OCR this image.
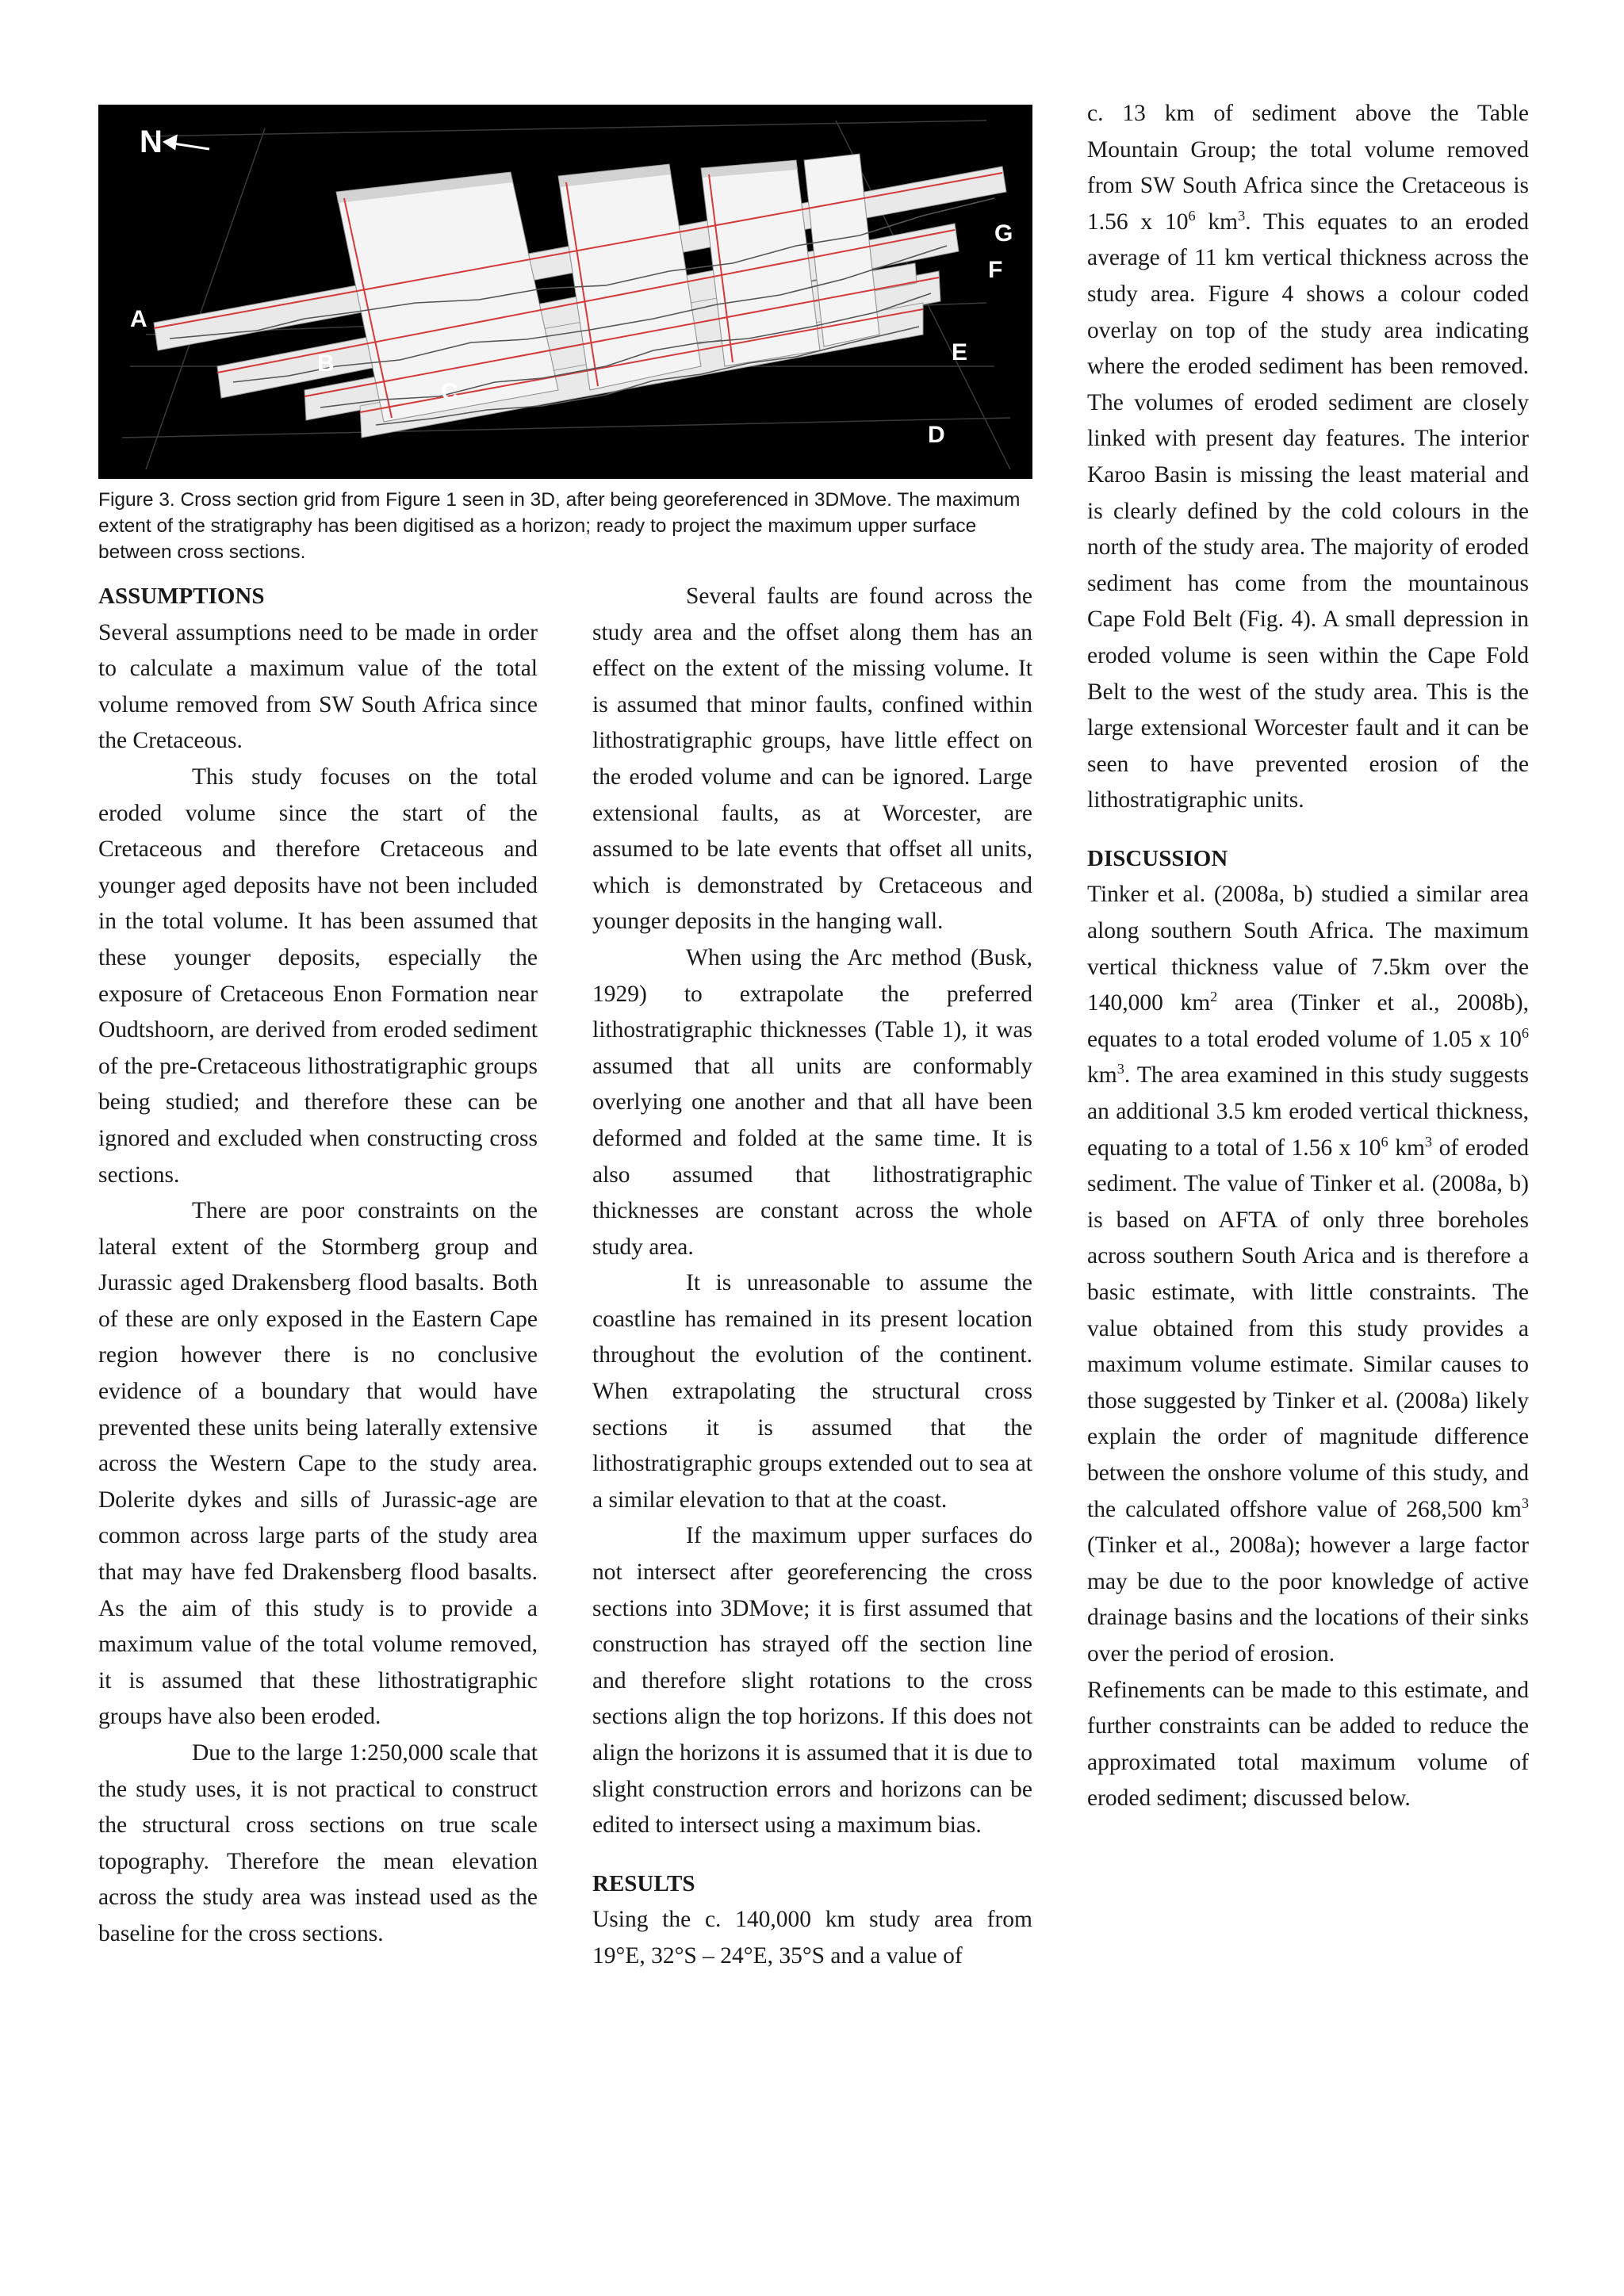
N
A
B
C
D
E
F
G

Figure 3. Cross section grid from Figure 1 seen in 3D, after being georeferenced in 3DMove. The maximum extent of the stratigraphy has been digitised as a horizon; ready to project the maximum upper surface between cross sections.

ASSUMPTIONS

Several assumptions need to be made in order to calculate a maximum value of the total volume removed from SW South Africa since the Cretaceous.

This study focuses on the total eroded volume since the start of the Cretaceous and therefore Cretaceous and younger aged deposits have not been included in the total volume. It has been assumed that these younger deposits, especially the exposure of Cretaceous Enon Formation near Oudtshoorn, are derived from eroded sediment of the pre-Cretaceous lithostratigraphic groups being studied; and therefore these can be ignored and excluded when constructing cross sections.

There are poor constraints on the lateral extent of the Stormberg group and Jurassic aged Drakensberg flood basalts. Both of these are only exposed in the Eastern Cape region however there is no conclusive evidence of a boundary that would have prevented these units being laterally extensive across the Western Cape to the study area. Dolerite dykes and sills of Jurassic-age are common across large parts of the study area that may have fed Drakensberg flood basalts. As the aim of this study is to provide a maximum value of the total volume removed, it is assumed that these lithostratigraphic groups have also been eroded.

Due to the large 1:250,000 scale that the study uses, it is not practical to construct the structural cross sections on true scale topography. Therefore the mean elevation across the study area was instead used as the baseline for the cross sections.

Several faults are found across the study area and the offset along them has an effect on the extent of the missing volume. It is assumed that minor faults, confined within lithostratigraphic groups, have little effect on the eroded volume and can be ignored. Large extensional faults, as at Worcester, are assumed to be late events that offset all units, which is demonstrated by Cretaceous and younger deposits in the hanging wall.

When using the Arc method (Busk, 1929) to extrapolate the preferred lithostratigraphic thicknesses (Table 1), it was assumed that all units are conformably overlying one another and that all have been deformed and folded at the same time. It is also assumed that lithostratigraphic thicknesses are constant across the whole study area.

It is unreasonable to assume the coastline has remained in its present location throughout the evolution of the continent. When extrapolating the structural cross sections it is assumed that the lithostratigraphic groups extended out to sea at a similar elevation to that at the coast.

If the maximum upper surfaces do not intersect after georeferencing the cross sections into 3DMove; it is first assumed that construction has strayed off the section line and therefore slight rotations to the cross sections align the top horizons. If this does not align the horizons it is assumed that it is due to slight construction errors and horizons can be edited to intersect using a maximum bias.

RESULTS

Using the c. 140,000 km study area from 19°E, 32°S – 24°E, 35°S and a value of

c. 13 km of sediment above the Table Mountain Group; the total volume removed from SW South Africa since the Cretaceous is 1.56 x $10^6$ $km^3$. This equates to an eroded average of 11 km vertical thickness across the study area. Figure 4 shows a colour coded overlay on top of the study area indicating where the eroded sediment has been removed. The volumes of eroded sediment are closely linked with present day features. The interior Karoo Basin is missing the least material and is clearly defined by the cold colours in the north of the study area. The majority of eroded sediment has come from the mountainous Cape Fold Belt (Fig. 4). A small depression in eroded volume is seen within the Cape Fold Belt to the west of the study area. This is the large extensional Worcester fault and it can be seen to have prevented erosion of the lithostratigraphic units.

DISCUSSION

Tinker et al. (2008a, b) studied a similar area along southern South Africa. The maximum vertical thickness value of 7.5km over the 140,000 $km^2$ area (Tinker et al., 2008b), equates to a total eroded volume of 1.05 x $10^6$ $km^3$. The area examined in this study suggests an additional 3.5 km eroded vertical thickness, equating to a total of 1.56 x $10^6$ $km^3$ of eroded sediment. The value of Tinker et al. (2008a, b) is based on AFTA of only three boreholes across southern South Arica and is therefore a basic estimate, with little constraints. The value obtained from this study provides a maximum volume estimate. Similar causes to those suggested by Tinker et al. (2008a) likely explain the order of magnitude difference between the onshore volume of this study, and the calculated offshore value of 268,500 $km^3$ (Tinker et al., 2008a); however a large factor may be due to the poor knowledge of active drainage basins and the locations of their sinks over the period of erosion.

Refinements can be made to this estimate, and further constraints can be added to reduce the approximated total maximum volume of eroded sediment; discussed below.
